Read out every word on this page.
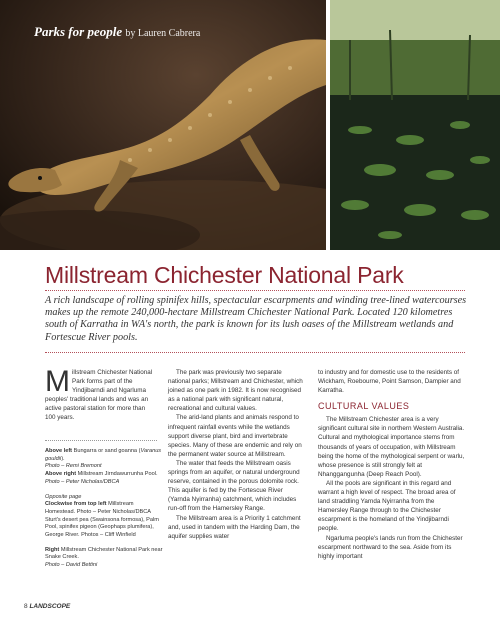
Parks for people by Lauren Cabrera
Millstream Chichester National Park
A rich landscape of rolling spinifex hills, spectacular escarpments and winding tree-lined watercourses makes up the remote 240,000-hectare Millstream Chichester National Park. Located 120 kilometres south of Karratha in WA's north, the park is known for its lush oases of the Millstream wetlands and Fortescue River pools.
M illstream Chichester National Park forms part of the Yindjibarndi and Ngarluma peoples' traditional lands and was an active pastoral station for more than 100 years.

Above left Bungarra or sand goanna (Varanus gouldii).
Photo – Remi Bremont
Above right Millstream Jirndawurrunha Pool.
Photo – Peter Nicholas/DBCA
Opposite page
Clockwise from top left Millstream Homestead. Photo – Peter Nicholas/DBCA Sturt's desert pea (Swainsona formosa), Palm Pool, spinifex pigeon (Geophaps plumifera), George River. Photos – Cliff Winfield
Right Millstream Chichester National Park near Snake Creek.
Photo – David Bettini

The park was previously two separate national parks; Millstream and Chichester, which joined as one park in 1982. It is now recognised as a national park with significant natural, recreational and cultural values.

The arid-land plants and animals respond to infrequent rainfall events while the wetlands support diverse plant, bird and invertebrate species. Many of these are endemic and rely on the permanent water source at Millstream.

The water that feeds the Millstream oasis springs from an aquifer, or natural underground reserve, contained in the porous dolomite rock. This aquifer is fed by the Fortescue River (Yarnda Nyirranha) catchment, which includes run-off from the Hamersley Range.

The Millstream area is a Priority 1 catchment and, used in tandem with the Harding Dam, the aquifer supplies water

to industry and for domestic use to the residents of Wickham, Roebourne, Point Samson, Dampier and Karratha.

CULTURAL VALUES

The Millstream Chichester area is a very significant cultural site in northern Western Australia. Cultural and mythological importance stems from thousands of years of occupation, with Millstream being the home of the mythological serpent or warlu, whose presence is still strongly felt at Nhanggangunha (Deep Reach Pool).

All the pools are significant in this regard and warrant a high level of respect. The broad area of land straddling Yarnda Nyirranha from the Hamersley Range through to the Chichester escarpment is the homeland of the Yindjibarndi people.

Ngarluma people's lands run from the Chichester escarpment northward to the sea. Aside from its highly important

8 LANDSCOPE
